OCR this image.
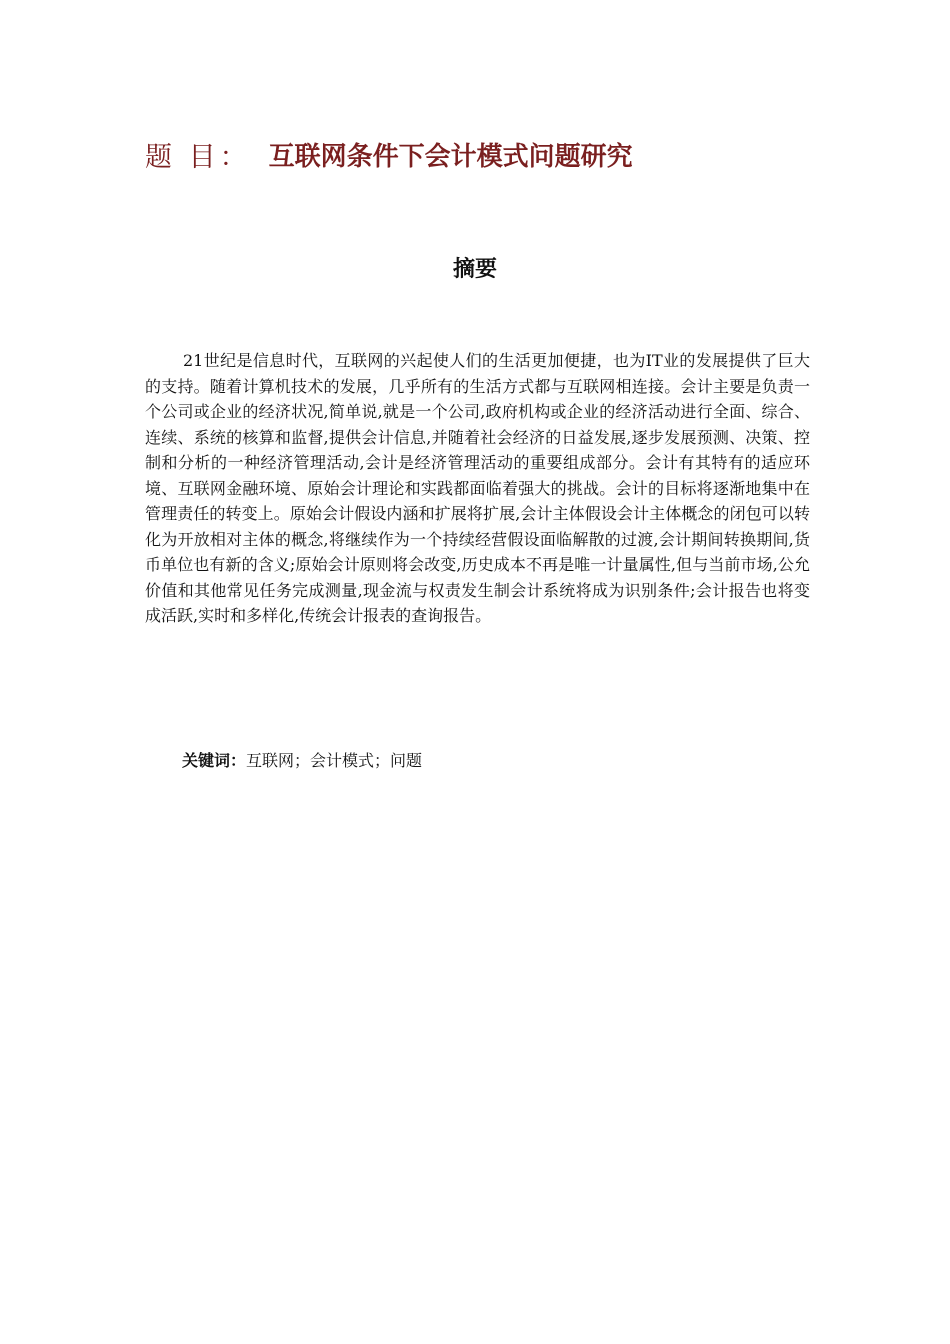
题 目： 互联网条件下会计模式问题研究
摘要

21世纪是信息时代，互联网的兴起使人们的生活更加便捷，也为IT业的发展提供了巨大的支持。随着计算机技术的发展，几乎所有的生活方式都与互联网相连接。会计主要是负责一个公司或企业的经济状况,简单说,就是一个公司,政府机构或企业的经济活动进行全面、综合、连续、系统的核算和监督,提供会计信息,并随着社会经济的日益发展,逐步发展预测、决策、控制和分析的一种经济管理活动,会计是经济管理活动的重要组成部分。会计有其特有的适应环境、互联网金融环境、原始会计理论和实践都面临着强大的挑战。会计的目标将逐渐地集中在管理责任的转变上。原始会计假设内涵和扩展将扩展,会计主体假设会计主体概念的闭包可以转化为开放相对主体的概念,将继续作为一个持续经营假设面临解散的过渡,会计期间转换期间,货币单位也有新的含义;原始会计原则将会改变,历史成本不再是唯一计量属性,但与当前市场,公允价值和其他常见任务完成测量,现金流与权责发生制会计系统将成为识别条件;会计报告也将变成活跃,实时和多样化,传统会计报表的查询报告。

关键词：互联网；会计模式；问题
